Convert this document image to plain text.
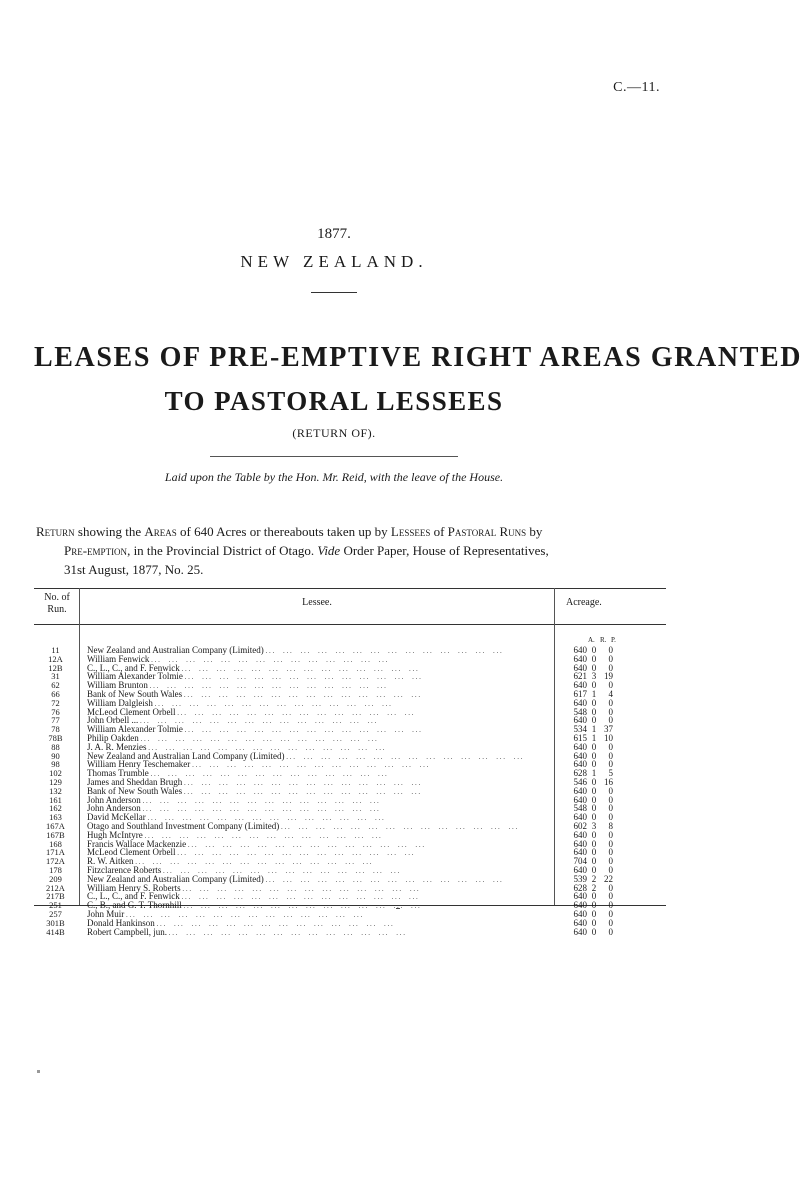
C.—11.
1877.
NEW ZEALAND.
LEASES OF PRE-EMPTIVE RIGHT AREAS GRANTED
TO PASTORAL LESSEES
(RETURN OF).
Laid upon the Table by the Hon. Mr. Reid, with the leave of the House.

Return showing the Areas of 640 Acres or thereabouts taken up by Lessees of Pastoral Runs by

Pre-emption, in the Provincial District of Otago. Vide Order Paper, House of Representatives,

31st August, 1877, No. 25.

No. of Run.
Lessee.	Acreage.
A. R. P.
11	New Zealand and Australian Company (Limited) . . .	640 0	0
12A	William Fenwick . . .	640 0	0
12B	C., L., C., and F. Fenwick . . .	640 0	0
31	William Alexander Tolmie . . .	621 3 19
62	William Brunton . . .	640 0	0
66	Bank of New South Wales . . .	617 1	4
72	William Dalgleish . . .	640 0	0
76	McLeod Clement Orbell . . .	548 0	0
77	John Orbell ... . . .	640 0	0
78	William Alexander Tolmie . . .	534 1 37
78B	Philip Oakden . . .	615 1 10
88	J. A. R. Menzies . . .	640 0	0
90	New Zealand and Australian Land Company (Limited) . . .	640 0	0
98	William Henry Teschemaker . . .	640 0	0
102	Thomas Trumble . . .	628 1	5
129	James and Sheddan Brugh . . .	546 0 16
132	Bank of New South Wales . . .	640 0	0
161	John Anderson . . .	640 0	0
162	John Anderson . . .	548 0	0
163	David McKellar . . .	640 0	0
167A	Otago and Southland Investment Company (Limited) . . .	602 3	8
167B	Hugh McIntyre . . .	640 0	0
168	Francis Wallace Mackenzie . . .	640 0	0
171A	McLeod Clement Orbell . . .	640 0	0
172A	R. W. Aitken . . .	704 0	0
178	Fitzclarence Roberts . . .	640 0	0
209	New Zealand and Australian Company (Limited) . . .	539 2 22
212A	William Henry S. Roberts . . .	628 2	0
217B	C., L., C., and F. Fenwick . . .	640 0	0
251	C., B., and G. T. Thornhill . . .	640 0	0
257	John Muir . . .	640 0	0
301B	Donald Hankinson . . .	640 0	0
414B	Robert Campbell, jun. . . .	640 0	0
